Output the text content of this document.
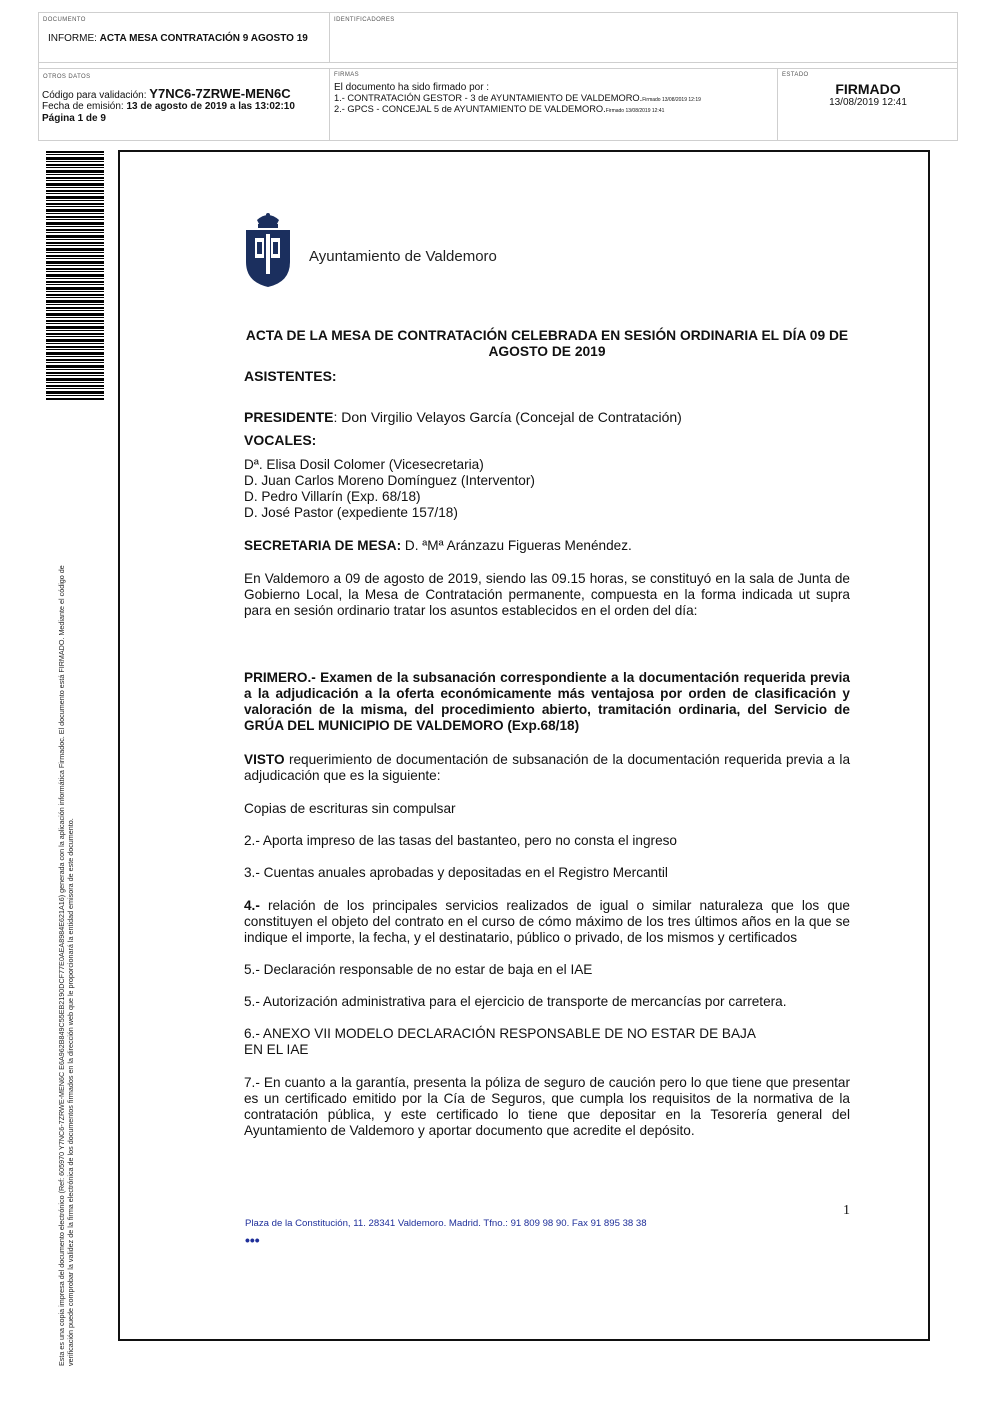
DOCUMENTO
INFORME: ACTA MESA CONTRATACIÓN 9 AGOSTO 19
IDENTIFICADORES
OTROS DATOS
Código para validación: Y7NC6-7ZRWE-MEN6C
Fecha de emisión: 13 de agosto de 2019 a las 13:02:10
Página 1 de 9
FIRMAS
El documento ha sido firmado por :
1.- CONTRATACIÓN GESTOR - 3 de AYUNTAMIENTO DE VALDEMORO.Firmado 13/08/2019 12:19
2.- GPCS - CONCEJAL 5 de AYUNTAMIENTO DE VALDEMORO.Firmado 13/08/2019 12:41
ESTADO
FIRMADO
13/08/2019 12:41
Esta es una copia impresa del documento electrónico (Ref: 605970 Y7NC6-7ZRWE-MEN6C E6A962B849C55EB2190DCF77E0AEA8984E621A16) generada con la aplicación informática Firmadoc. El documento está FIRMADO. Mediante el código de verificación puede comprobar la validez de la firma electrónica de los documentos firmados en la dirección web que le proporcionará la entidad emisora de este documento.
Ayuntamiento de Valdemoro

ACTA DE LA MESA DE CONTRATACIÓN CELEBRADA EN SESIÓN ORDINARIA EL DÍA 09 DE AGOSTO DE 2019

ASISTENTES:

PRESIDENTE: Don Virgilio Velayos García (Concejal de Contratación)

VOCALES:

Dª. Elisa Dosil Colomer (Vicesecretaria)

D. Juan Carlos Moreno Domínguez (Interventor)

D. Pedro Villarín (Exp. 68/18)

D. José Pastor (expediente 157/18)

SECRETARIA DE MESA: D. ªMª Aránzazu Figueras Menéndez.

En Valdemoro a 09 de agosto de 2019, siendo las 09.15 horas, se constituyó en la sala de Junta de Gobierno Local, la Mesa de Contratación permanente, compuesta en la forma indicada ut supra para en sesión ordinario tratar los asuntos establecidos en el orden del día:

PRIMERO.- Examen de la subsanación correspondiente a la documentación requerida previa a la adjudicación a la oferta económicamente más ventajosa por orden de clasificación y valoración de la misma, del procedimiento abierto, tramitación ordinaria, del Servicio de GRÚA DEL MUNICIPIO DE VALDEMORO (Exp.68/18)

VISTO requerimiento de documentación de subsanación de la documentación requerida previa a la adjudicación que es la siguiente:

Copias de escrituras sin compulsar

2.- Aporta impreso de las tasas del bastanteo, pero no consta el ingreso

3.- Cuentas anuales aprobadas y depositadas en el Registro Mercantil

4.- relación de los principales servicios realizados de igual o similar naturaleza que los que constituyen el objeto del contrato en el curso de cómo máximo de los tres últimos años en la que se indique el importe, la fecha, y el destinatario, público o privado, de los mismos y certificados

5.- Declaración responsable de no estar de baja en el IAE

5.- Autorización administrativa para el ejercicio de transporte de mercancías por carretera.

6.- ANEXO VII MODELO DECLARACIÓN RESPONSABLE DE NO ESTAR DE BAJA EN EL IAE

7.- En cuanto a la garantía, presenta la póliza de seguro de caución pero lo que tiene que presentar es un certificado emitido por la Cía de Seguros, que cumpla los requisitos de la normativa de la contratación pública, y este certificado lo tiene que depositar en la Tesorería general del Ayuntamiento de Valdemoro y aportar documento que acredite el depósito.

1
Plaza de la Constitución, 11. 28341 Valdemoro. Madrid. Tfno.: 91 809 98 90. Fax 91 895 38 38
•••
